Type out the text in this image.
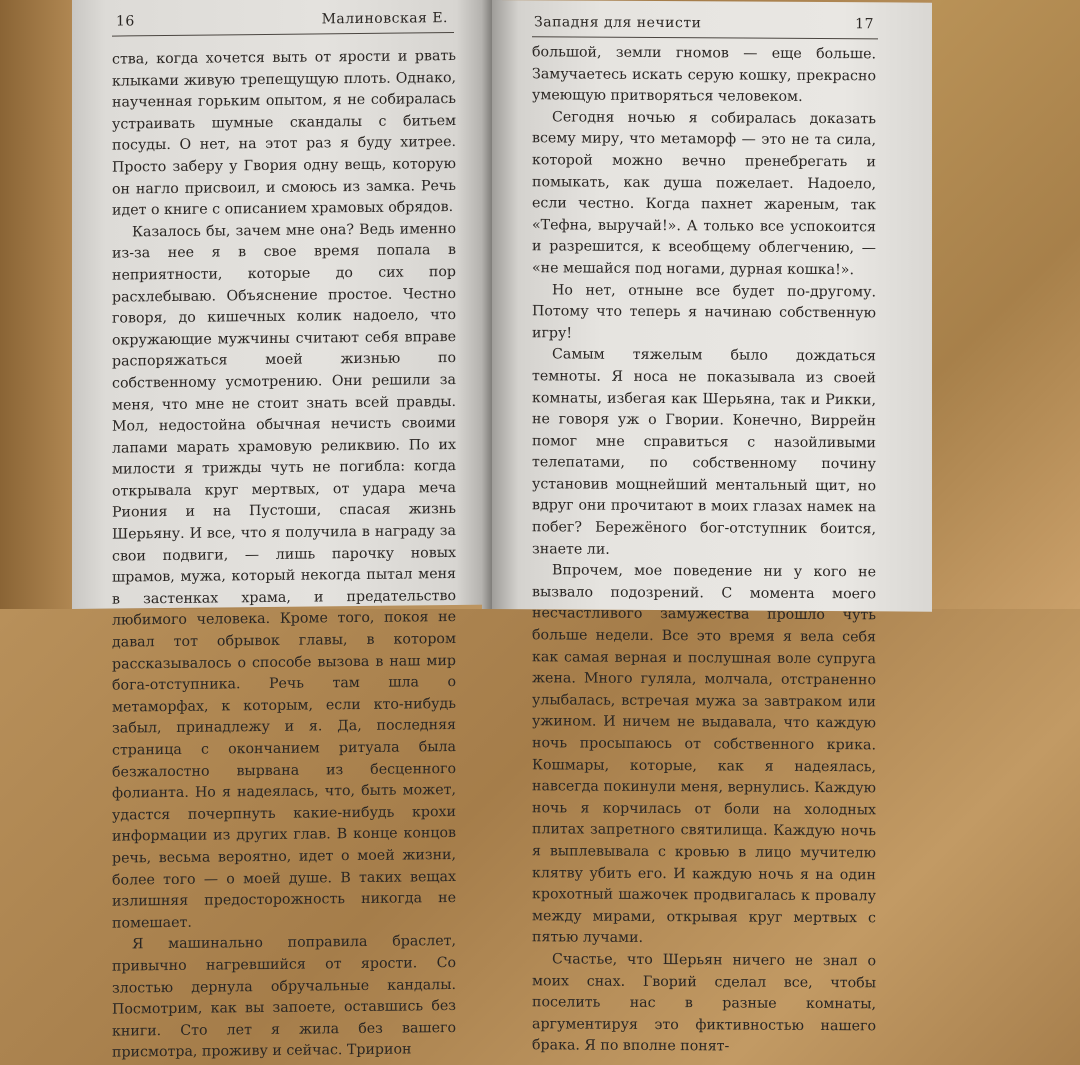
16	Малиновская Е.

ства, когда хочется выть от ярости и рвать клыками живую трепещущую плоть. Однако, наученная горьким опытом, я не собиралась устраивать шумные скандалы с битьем посуды. О нет, на этот раз я буду хитрее. Просто заберу у Гвория одну вещь, которую он нагло присвоил, и смоюсь из замка. Речь идет о книге с описанием храмовых обрядов.

Казалось бы, зачем мне она? Ведь именно из-за нее я в свое время попала в неприятности, которые до сих пор расхлебываю. Объяснение простое. Честно говоря, до кишечных колик надоело, что окружающие мужчины считают себя вправе распоряжаться моей жизнью по собственному усмотрению. Они решили за меня, что мне не стоит знать всей правды. Мол, недостойна обычная нечисть своими лапами марать храмовую реликвию. По их милости я трижды чуть не погибла: когда открывала круг мертвых, от удара меча Риония и на Пустоши, спасая жизнь Шерьяну. И все, что я получила в награду за свои подвиги, — лишь парочку новых шрамов, мужа, который некогда пытал меня в застенках храма, и предательство любимого человека. Кроме того, покоя не давал тот обрывок главы, в котором рассказывалось о способе вызова в наш мир бога-отступника. Речь там шла о метаморфах, к которым, если кто-нибудь забыл, принадлежу и я. Да, последняя страница с окончанием ритуала была безжалостно вырвана из бесценного фолианта. Но я надеялась, что, быть может, удастся почерпнуть какие-нибудь крохи информации из других глав. В конце концов речь, весьма вероятно, идет о моей жизни, более того — о моей душе. В таких вещах излишняя предосторожность никогда не помешает.

Я машинально поправила браслет, привычно нагревшийся от ярости. Со злостью дернула обручальные кандалы. Посмотрим, как вы запоете, оставшись без книги. Сто лет я жила без вашего присмотра, проживу и сейчас. Тририон

Западня для нечисти	17

большой, земли гномов — еще больше. Замучаетесь искать серую кошку, прекрасно умеющую притворяться человеком.

Сегодня ночью я собиралась доказать всему миру, что метаморф — это не та сила, которой можно вечно пренебрегать и помыкать, как душа пожелает. Надоело, если честно. Когда пахнет жареным, так «Тефна, выручай!». А только все успокоится и разрешится, к всеобщему облегчению, — «не мешайся под ногами, дурная кошка!».

Но нет, отныне все будет по-другому. Потому что теперь я начинаю собственную игру!

Самым тяжелым было дождаться темноты. Я носа не показывала из своей комнаты, избегая как Шерьяна, так и Рикки, не говоря уж о Гвории. Конечно, Виррейн помог мне справиться с назойливыми телепатами, по собственному почину установив мощнейший ментальный щит, но вдруг они прочитают в моих глазах намек на побег? Бережёного бог-отступник боится, знаете ли.

Впрочем, мое поведение ни у кого не вызвало подозрений. С момента моего несчастливого замужества прошло чуть больше недели. Все это время я вела себя как самая верная и послушная воле супруга жена. Много гуляла, молчала, отстраненно улыбалась, встречая мужа за завтраком или ужином. И ничем не выдавала, что каждую ночь просыпаюсь от собственного крика. Кошмары, которые, как я надеялась, навсегда покинули меня, вернулись. Каждую ночь я корчилась от боли на холодных плитах запретного святилища. Каждую ночь я выплевывала с кровью в лицо мучителю клятву убить его. И каждую ночь я на один крохотный шажочек продвигалась к провалу между мирами, открывая круг мертвых с пятью лучами.

Счастье, что Шерьян ничего не знал о моих снах. Гворий сделал все, чтобы поселить нас в разные комнаты, аргументируя это фиктивностью нашего брака. Я по вполне понят-
